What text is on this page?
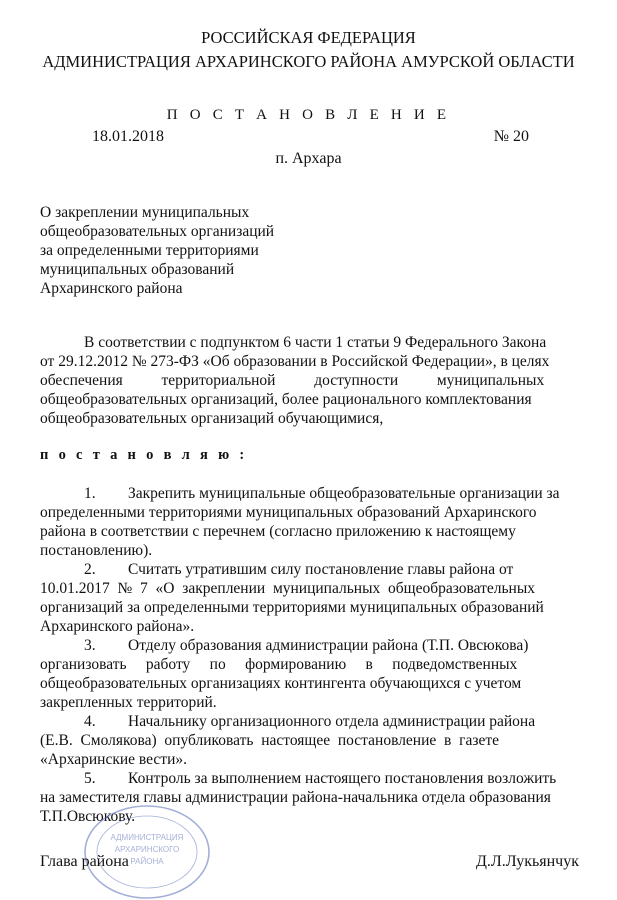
РОССИЙСКАЯ ФЕДЕРАЦИЯ
АДМИНИСТРАЦИЯ АРХАРИНСКОГО РАЙОНА АМУРСКОЙ ОБЛАСТИ
П О С Т А Н О В Л Е Н И Е
18.01.2018	№ 20
п. Архара
О закреплении муниципальных
общеобразовательных организаций
за определенными территориями
муниципальных образований
Архаринского района
В соответствии с подпунктом 6 части 1 статьи 9 Федерального Закона
от 29.12.2012 № 273-ФЗ «Об образовании в Российской Федерации», в целях
обеспечения          территориальной          доступности          муниципальных
общеобразовательных организаций, более рационального комплектования
общеобразовательных организаций обучающимися,
п о с т а н о в л я ю :
1. Закрепить муниципальные общеобразовательные организации за
определенными территориями муниципальных образований Архаринского
района в соответствии с перечнем (согласно приложению к настоящему
постановлению).
2. Считать утратившим силу постановление главы района от
10.01.2017  №  7  «О  закреплении  муниципальных  общеобразовательных
организаций за определенными территориями муниципальных образований
Архаринского района».
3. Отделу образования администрации района (Т.П. Овсюкова)
организовать     работу     по     формированию     в     подведомственных
общеобразовательных организациях контингента обучающихся с учетом
закрепленных территорий.
4. Начальнику организационного отдела администрации района
(Е.В.  Смолякова)  опубликовать  настоящее  постановление  в  газете
«Архаринские вести».
5. Контроль за выполнением настоящего постановления возложить
на заместителя главы администрации района-начальника отдела образования
Т.П.Овсюкову.
АДМИНИСТРАЦИЯ
АРХАРИНСКОГО
РАЙОНА
Глава района	Д.Л.Лукьянчук
